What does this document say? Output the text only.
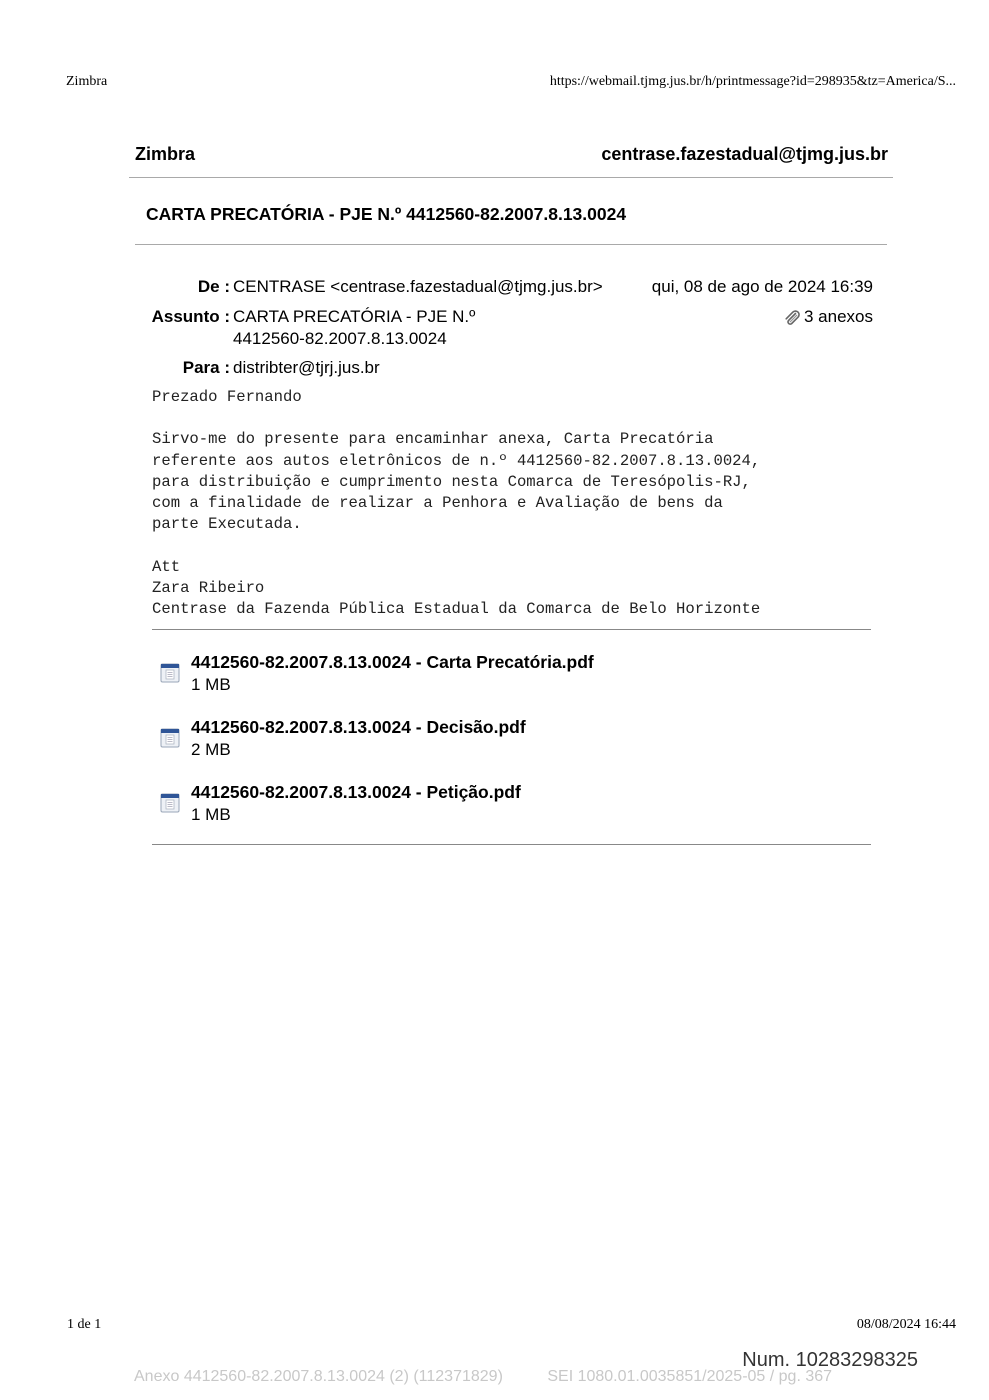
Zimbra	https://webmail.tjmg.jus.br/h/printmessage?id=298935&tz=America/S...
Zimbra	centrase.fazestadual@tjmg.jus.br
CARTA PRECATÓRIA - PJE N.º 4412560-82.2007.8.13.0024
De : CENTRASE <centrase.fazestadual@tjmg.jus.br>	qui, 08 de ago de 2024 16:39
Assunto : CARTA PRECATÓRIA - PJE N.º
4412560-82.2007.8.13.0024
3 anexos
Para : distribter@tjrj.jus.br
Prezado Fernando

Sirvo-me do presente para encaminhar anexa, Carta Precatória
referente aos autos eletrônicos de n.º 4412560-82.2007.8.13.0024,
para distribuição e cumprimento nesta Comarca de Teresópolis-RJ,
com a finalidade de realizar a Penhora e Avaliação de bens da
parte Executada.

Att
Zara Ribeiro
Centrase da Fazenda Pública Estadual da Comarca de Belo Horizonte
4412560-82.2007.8.13.0024 - Carta Precatória.pdf
1 MB
4412560-82.2007.8.13.0024 - Decisão.pdf
2 MB
4412560-82.2007.8.13.0024 - Petição.pdf
1 MB
1 de 1	08/08/2024 16:44
Num. 10283298325
Anexo 4412560-82.2007.8.13.0024 (2) (112371829)          SEI 1080.01.0035851/2025-05 / pg. 367
